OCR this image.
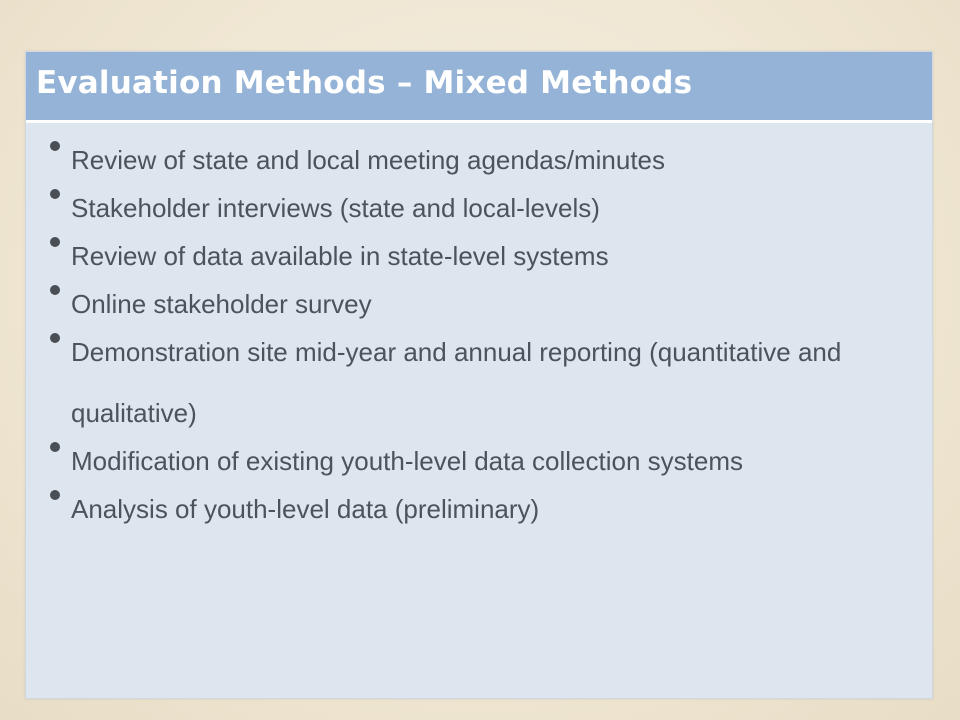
Evaluation Methods – Mixed Methods
Review of state and local meeting agendas/minutes
Stakeholder interviews (state and local-levels)
Review of data available in state-level systems
Online stakeholder survey
Demonstration site mid-year and annual reporting (quantitative and qualitative)
Modification of existing youth-level data collection systems
Analysis of youth-level data (preliminary)
